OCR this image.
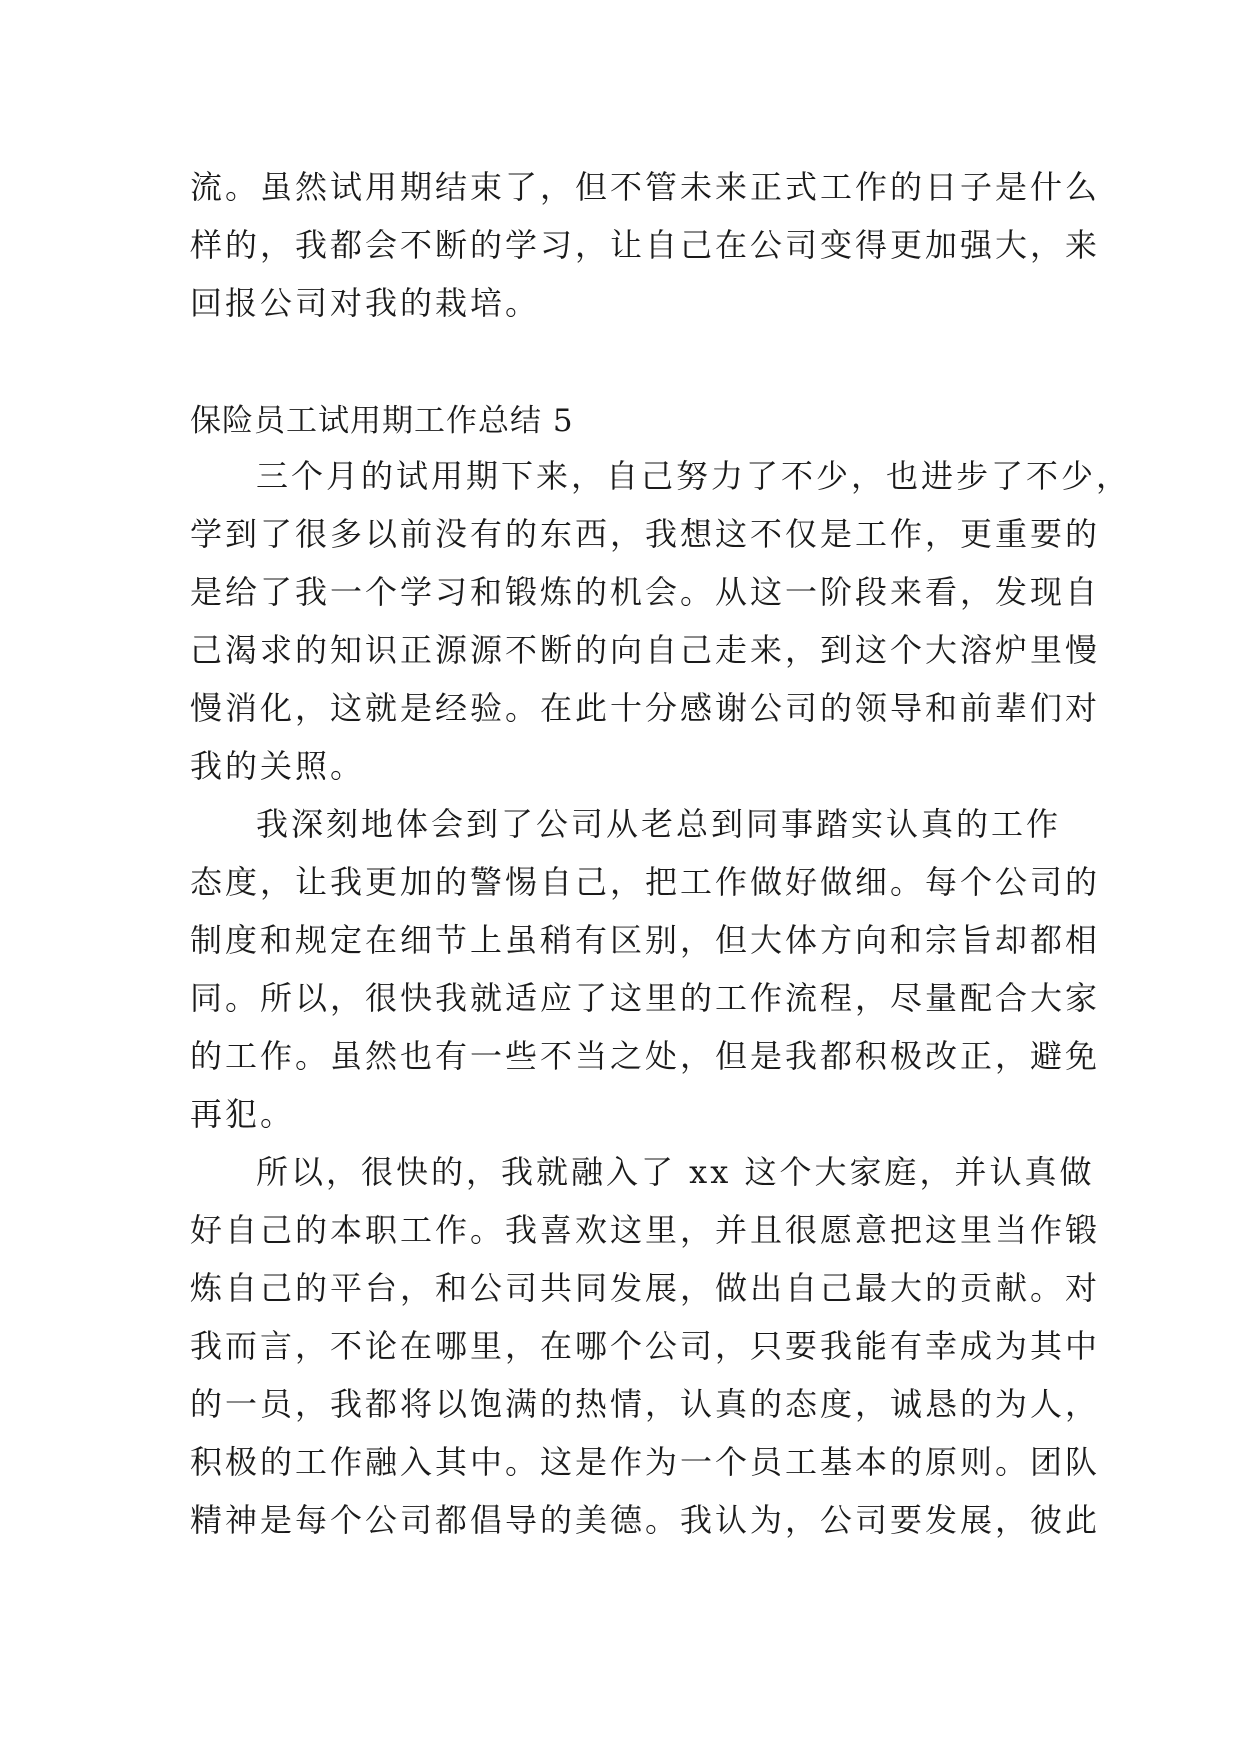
流。虽然试用期结束了，但不管未来正式工作的日子是什么
样的，我都会不断的学习，让自己在公司变得更加强大，来
回报公司对我的栽培。
保险员工试用期工作总结 5
三个月的试用期下来，自己努力了不少，也进步了不少，
学到了很多以前没有的东西，我想这不仅是工作，更重要的
是给了我一个学习和锻炼的机会。从这一阶段来看，发现自
己渴求的知识正源源不断的向自己走来，到这个大溶炉里慢
慢消化，这就是经验。在此十分感谢公司的领导和前辈们对
我的关照。
我深刻地体会到了公司从老总到同事踏实认真的工作
态度，让我更加的警惕自己，把工作做好做细。每个公司的
制度和规定在细节上虽稍有区别，但大体方向和宗旨却都相
同。所以，很快我就适应了这里的工作流程，尽量配合大家
的工作。虽然也有一些不当之处，但是我都积极改正，避免
再犯。
所以，很快的，我就融入了 xx 这个大家庭，并认真做
好自己的本职工作。我喜欢这里，并且很愿意把这里当作锻
炼自己的平台，和公司共同发展，做出自己最大的贡献。对
我而言，不论在哪里，在哪个公司，只要我能有幸成为其中
的一员，我都将以饱满的热情，认真的态度，诚恳的为人，
积极的工作融入其中。这是作为一个员工基本的原则。团队
精神是每个公司都倡导的美德。我认为，公司要发展，彼此
